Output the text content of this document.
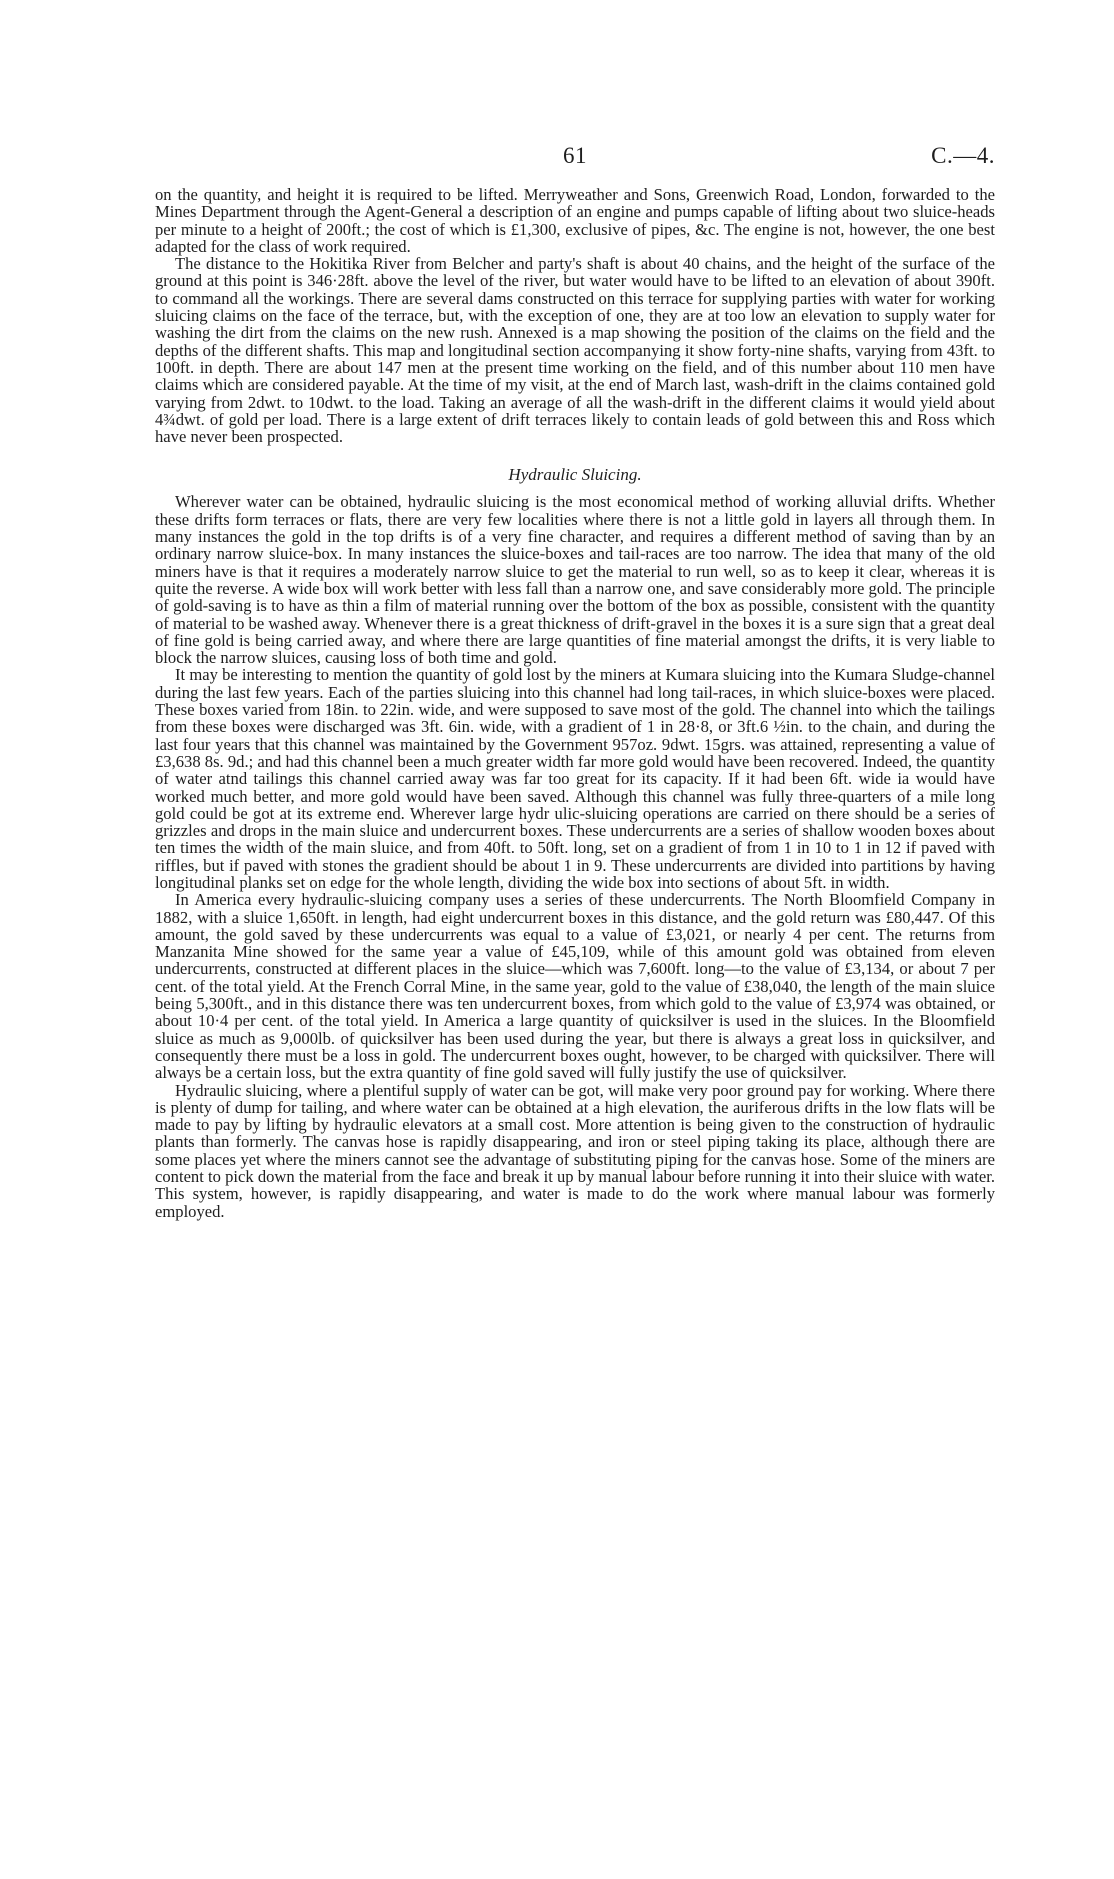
61	C.—4.

on the quantity, and height it is required to be lifted. Merryweather and Sons, Greenwich Road, London, forwarded to the Mines Department through the Agent-General a description of an engine and pumps capable of lifting about two sluice-heads per minute to a height of 200ft.; the cost of which is £1,300, exclusive of pipes, &c. The engine is not, however, the one best adapted for the class of work required.

The distance to the Hokitika River from Belcher and party's shaft is about 40 chains, and the height of the surface of the ground at this point is 346·28ft. above the level of the river, but water would have to be lifted to an elevation of about 390ft. to command all the workings. There are several dams constructed on this terrace for supplying parties with water for working sluicing claims on the face of the terrace, but, with the exception of one, they are at too low an elevation to supply water for washing the dirt from the claims on the new rush. Annexed is a map showing the position of the claims on the field and the depths of the different shafts. This map and longitudinal section accompanying it show forty-nine shafts, varying from 43ft. to 100ft. in depth. There are about 147 men at the present time working on the field, and of this number about 110 men have claims which are considered payable. At the time of my visit, at the end of March last, wash-drift in the claims contained gold varying from 2dwt. to 10dwt. to the load. Taking an average of all the wash-drift in the different claims it would yield about 4¾dwt. of gold per load. There is a large extent of drift terraces likely to contain leads of gold between this and Ross which have never been prospected.

Hydraulic Sluicing.

Wherever water can be obtained, hydraulic sluicing is the most economical method of working alluvial drifts. Whether these drifts form terraces or flats, there are very few localities where there is not a little gold in layers all through them. In many instances the gold in the top drifts is of a very fine character, and requires a different method of saving than by an ordinary narrow sluice-box. In many instances the sluice-boxes and tail-races are too narrow. The idea that many of the old miners have is that it requires a moderately narrow sluice to get the material to run well, so as to keep it clear, whereas it is quite the reverse. A wide box will work better with less fall than a narrow one, and save considerably more gold. The principle of gold-saving is to have as thin a film of material running over the bottom of the box as possible, consistent with the quantity of material to be washed away. Whenever there is a great thickness of drift-gravel in the boxes it is a sure sign that a great deal of fine gold is being carried away, and where there are large quantities of fine material amongst the drifts, it is very liable to block the narrow sluices, causing loss of both time and gold.

It may be interesting to mention the quantity of gold lost by the miners at Kumara sluicing into the Kumara Sludge-channel during the last few years. Each of the parties sluicing into this channel had long tail-races, in which sluice-boxes were placed. These boxes varied from 18in. to 22in. wide, and were supposed to save most of the gold. The channel into which the tailings from these boxes were discharged was 3ft. 6in. wide, with a gradient of 1 in 28·8, or 3ft.6 ½in. to the chain, and during the last four years that this channel was maintained by the Government 957oz. 9dwt. 15grs. was attained, representing a value of £3,638 8s. 9d.; and had this channel been a much greater width far more gold would have been recovered. Indeed, the quantity of water atnd tailings this channel carried away was far too great for its capacity. If it had been 6ft. wide ia would have worked much better, and more gold would have been saved. Although this channel was fully three-quarters of a mile long gold could be got at its extreme end. Wherever large hydr ulic-sluicing operations are carried on there should be a series of grizzles and drops in the main sluice and undercurrent boxes. These undercurrents are a series of shallow wooden boxes about ten times the width of the main sluice, and from 40ft. to 50ft. long, set on a gradient of from 1 in 10 to 1 in 12 if paved with riffles, but if paved with stones the gradient should be about 1 in 9. These undercurrents are divided into partitions by having longitudinal planks set on edge for the whole length, dividing the wide box into sections of about 5ft. in width.

In America every hydraulic-sluicing company uses a series of these undercurrents. The North Bloomfield Company in 1882, with a sluice 1,650ft. in length, had eight undercurrent boxes in this distance, and the gold return was £80,447. Of this amount, the gold saved by these undercurrents was equal to a value of £3,021, or nearly 4 per cent. The returns from Manzanita Mine showed for the same year a value of £45,109, while of this amount gold was obtained from eleven undercurrents, constructed at different places in the sluice—which was 7,600ft. long—to the value of £3,134, or about 7 per cent. of the total yield. At the French Corral Mine, in the same year, gold to the value of £38,040, the length of the main sluice being 5,300ft., and in this distance there was ten undercurrent boxes, from which gold to the value of £3,974 was obtained, or about 10·4 per cent. of the total yield. In America a large quantity of quicksilver is used in the sluices. In the Bloomfield sluice as much as 9,000lb. of quicksilver has been used during the year, but there is always a great loss in quicksilver, and consequently there must be a loss in gold. The undercurrent boxes ought, however, to be charged with quicksilver. There will always be a certain loss, but the extra quantity of fine gold saved will fully justify the use of quicksilver.

Hydraulic sluicing, where a plentiful supply of water can be got, will make very poor ground pay for working. Where there is plenty of dump for tailing, and where water can be obtained at a high elevation, the auriferous drifts in the low flats will be made to pay by lifting by hydraulic elevators at a small cost. More attention is being given to the construction of hydraulic plants than formerly. The canvas hose is rapidly disappearing, and iron or steel piping taking its place, although there are some places yet where the miners cannot see the advantage of substituting piping for the canvas hose. Some of the miners are content to pick down the material from the face and break it up by manual labour before running it into their sluice with water. This system, however, is rapidly disappearing, and water is made to do the work where manual labour was formerly employed.
